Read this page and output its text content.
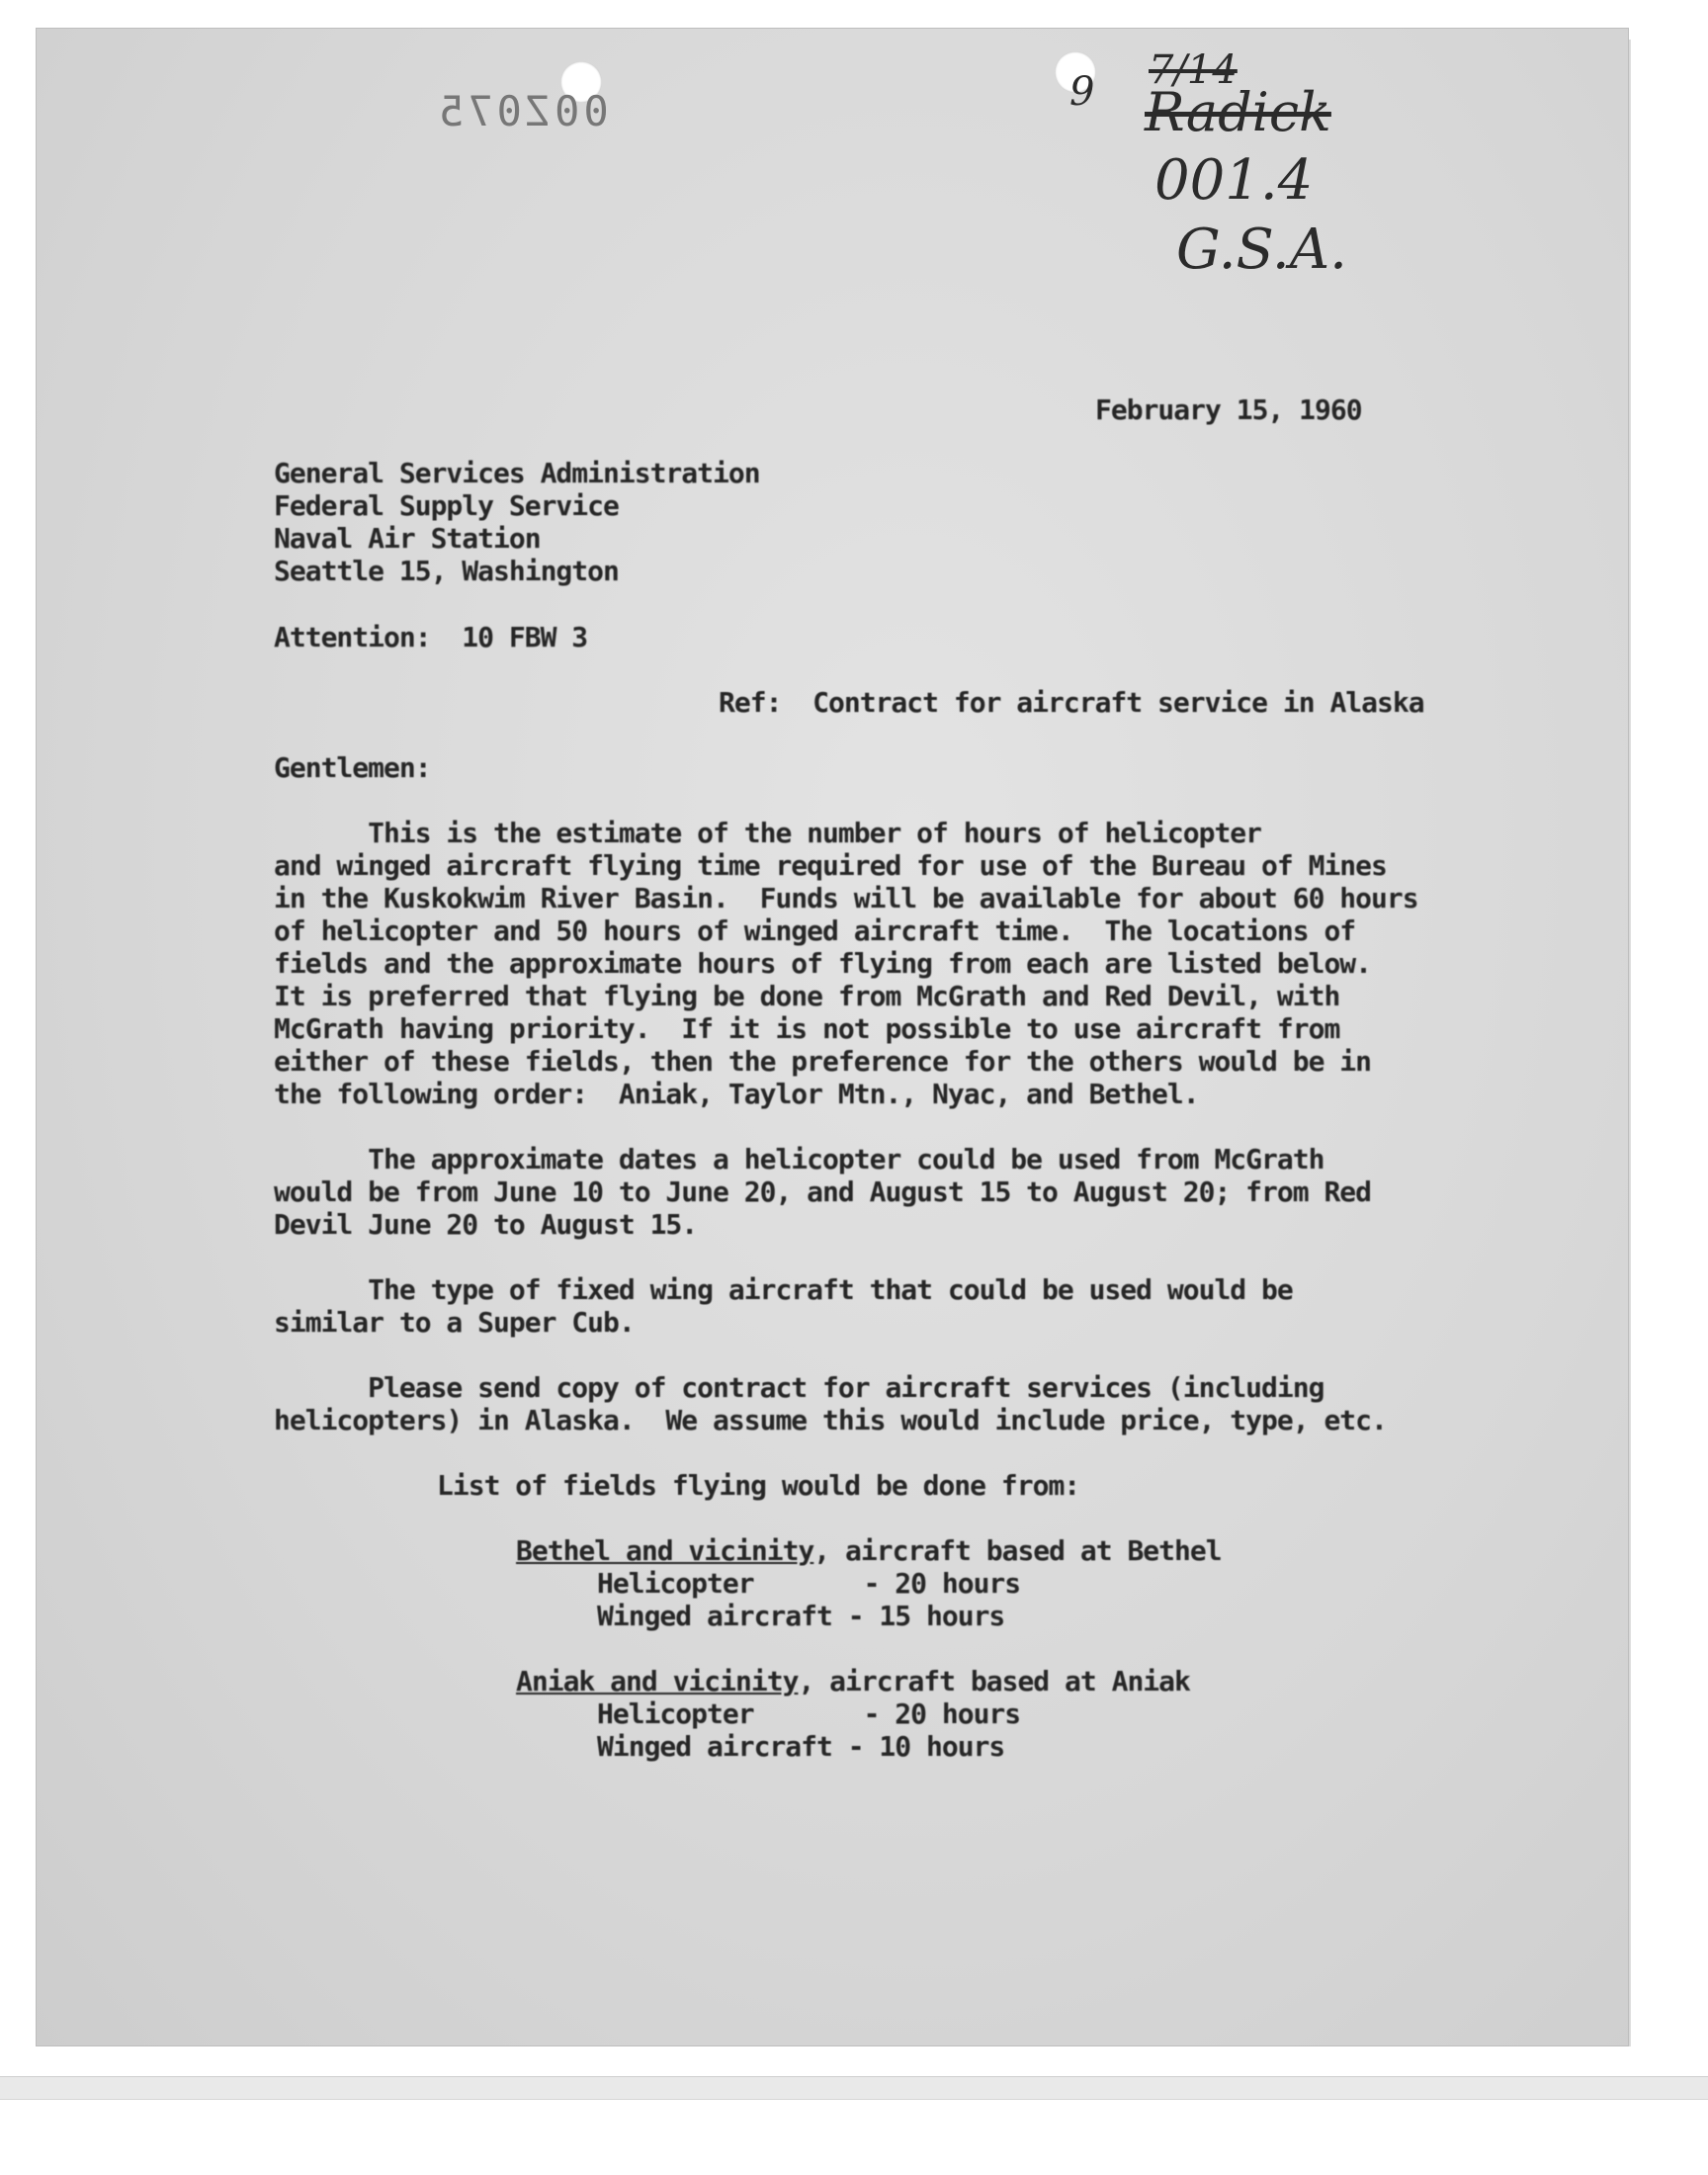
00Z075	9 7/14
Radick
001.4
G.S.A.
February 15, 1960
General Services Administration
Federal Supply Service
Naval Air Station
Seattle 15, Washington
Attention:  10 FBW 3
Ref:  Contract for aircraft service in Alaska
Gentlemen:
This is the estimate of the number of hours of helicopter
and winged aircraft flying time required for use of the Bureau of Mines
in the Kuskokwim River Basin.  Funds will be available for about 60 hours
of helicopter and 50 hours of winged aircraft time.  The locations of
fields and the approximate hours of flying from each are listed below.
It is preferred that flying be done from McGrath and Red Devil, with
McGrath having priority.  If it is not possible to use aircraft from
either of these fields, then the preference for the others would be in
the following order:  Aniak, Taylor Mtn., Nyac, and Bethel.
The approximate dates a helicopter could be used from McGrath
would be from June 10 to June 20, and August 15 to August 20; from Red
Devil June 20 to August 15.
The type of fixed wing aircraft that could be used would be
similar to a Super Cub.
Please send copy of contract for aircraft services (including
helicopters) in Alaska.  We assume this would include price, type, etc.
List of fields flying would be done from:
Bethel and vicinity, aircraft based at Bethel
Helicopter       - 20 hours
Winged aircraft - 15 hours
Aniak and vicinity, aircraft based at Aniak
Helicopter       - 20 hours
Winged aircraft - 10 hours
